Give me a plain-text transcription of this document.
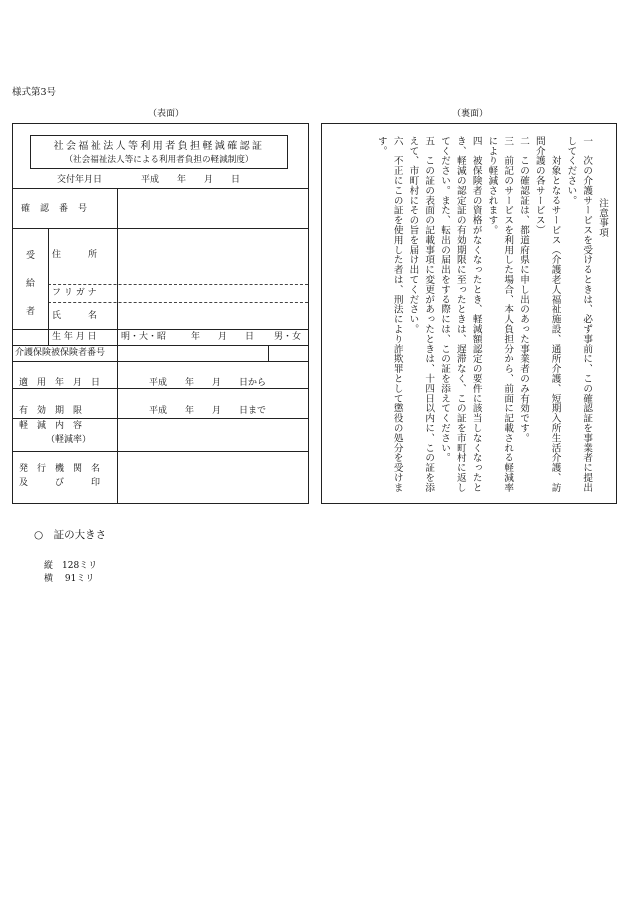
様式第3号
（表面）	（裏面）
社会福祉法人等利用者負担軽減確認証
（社会福祉法人等による利用者負担の軽減制度）
交付年月日	平成　　年　　月　　日
確　認　番　号
受
給
者
住　　　所
フ リ ガ ナ
氏　　　名
生 年 月 日	明・大・昭	年　　月　　日 男・女
介護保険被保険者番号
適　用　年　月　日	平成　　年　　月　　日から
有　効　期　限	平成　　年　　月　　日まで
軽　減　内　容
（軽減率）
発　行　機　関　名
及　　　び　　　印

注意事項

一　次の介護サービスを受けるときは、必ず事前に、この確認証を事業者に提出してください。

　　対象となるサービス（介護老人福祉施設、通所介護、短期入所生活介護、訪問介護の各サービス）

二　この確認証は、都道府県に申し出のあった事業者のみ有効です。

三　前記のサービスを利用した場合、本人負担分から、前面に記載される軽減率により軽減されます。

四　被保険者の資格がなくなったとき、軽減額認定の要件に該当しなくなったとき、軽減の認定証の有効期限に至ったときは、遅滞なく、この証を市町村に返してください。また、転出の届出をする際には、この証を添えてください。

五　この証の表面の記載事項に変更があったときは、十四日以内に、この証を添えて、市町村にその旨を届け出てください。

六　不正にこの証を使用した者は、刑法により詐欺罪として懲役の処分を受けます。

○　証の大きさ
縦　128ミリ
横　 91ミリ
